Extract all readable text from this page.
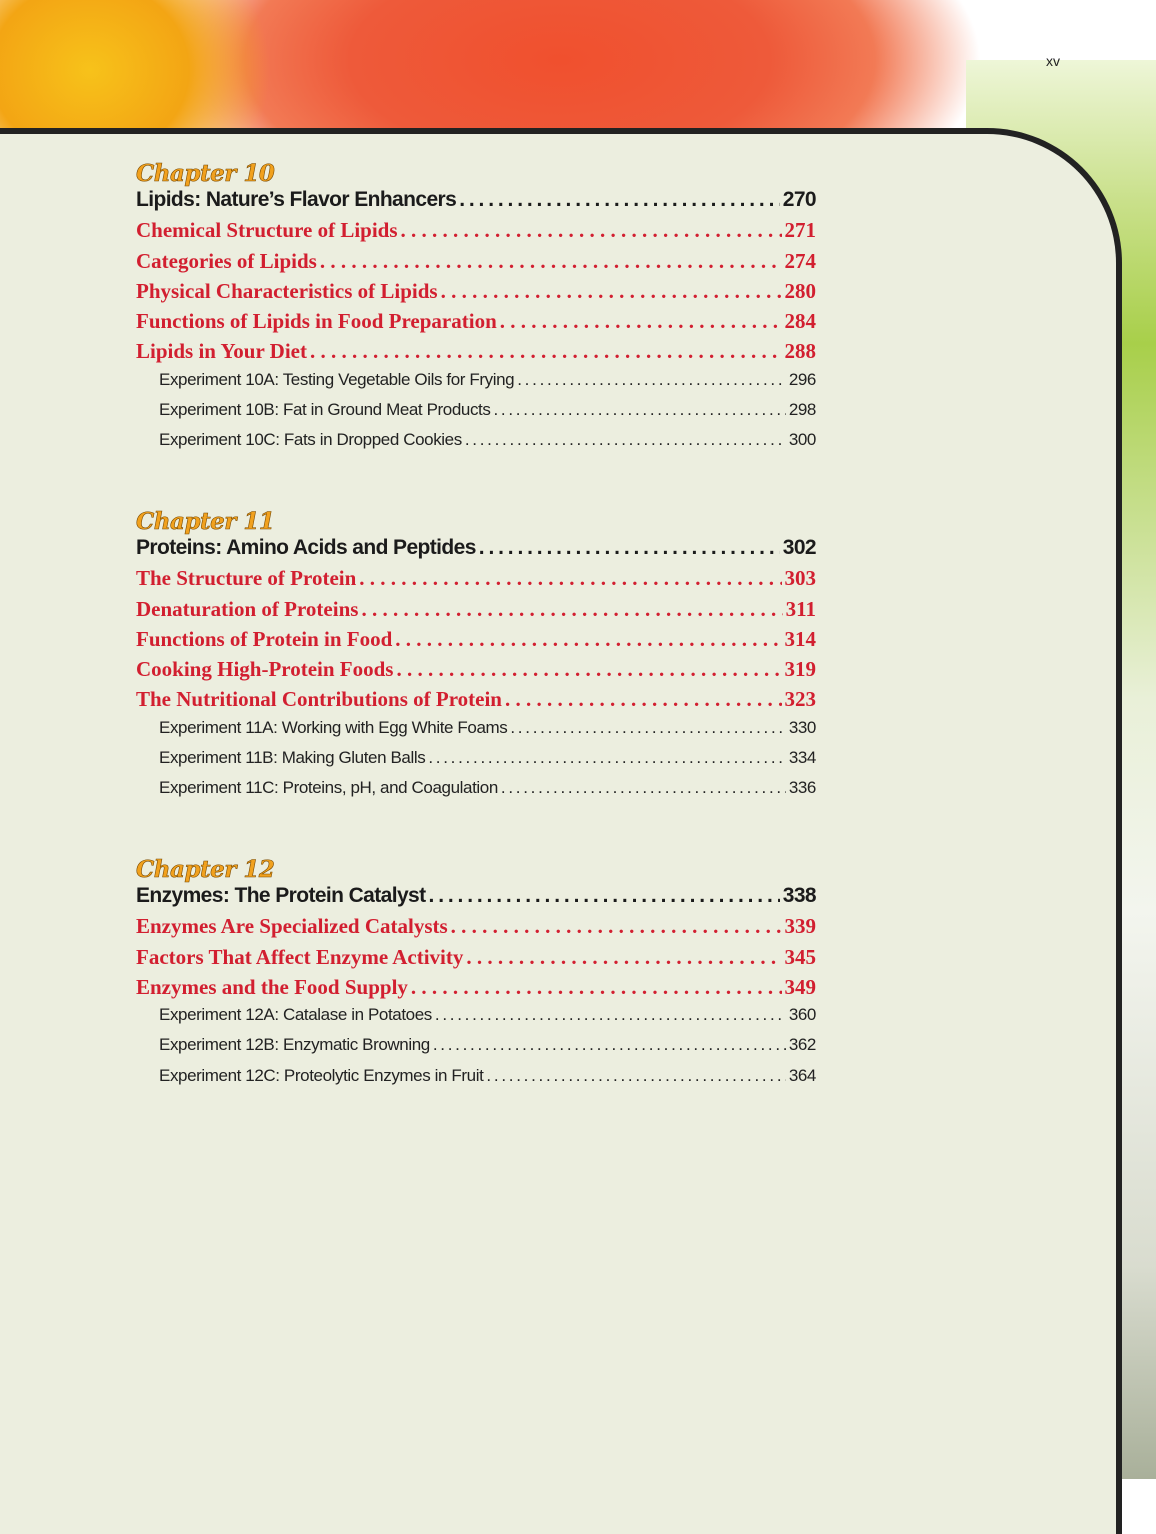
xv
Chapter 10
Lipids: Nature’s Flavor Enhancers . . .	270
Chemical Structure of Lipids . . .	271
Categories of Lipids . . .	274
Physical Characteristics of Lipids . . .	280
Functions of Lipids in Food Preparation . . .	284
Lipids in Your Diet . . .	288
Experiment 10A: Testing Vegetable Oils for Frying . . .	296
Experiment 10B: Fat in Ground Meat Products . . .	298
Experiment 10C: Fats in Dropped Cookies . . .	300
Chapter 11
Proteins: Amino Acids and Peptides . . .	302
The Structure of Protein . . .	303
Denaturation of Proteins . . .	311
Functions of Protein in Food . . .	314
Cooking High-Protein Foods . . .	319
The Nutritional Contributions of Protein . . .	323
Experiment 11A: Working with Egg White Foams . . .	330
Experiment 11B: Making Gluten Balls . . .	334
Experiment 11C: Proteins, pH, and Coagulation . . .	336
Chapter 12
Enzymes: The Protein Catalyst . . .	338
Enzymes Are Specialized Catalysts . . .	339
Factors That Affect Enzyme Activity . . .	345
Enzymes and the Food Supply . . .	349
Experiment 12A: Catalase in Potatoes . . .	360
Experiment 12B: Enzymatic Browning . . .	362
Experiment 12C: Proteolytic Enzymes in Fruit . . .	364
